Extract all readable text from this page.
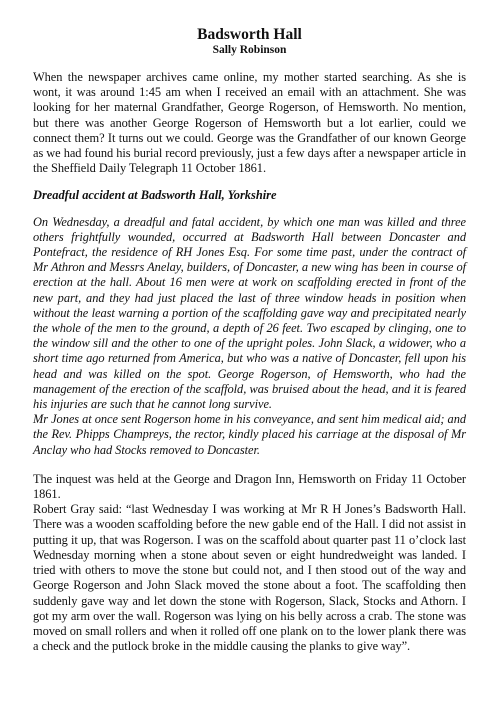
Badsworth Hall
Sally Robinson

When the newspaper archives came online, my mother started searching. As she is wont, it was around 1:45 am when I received an email with an attachment. She was looking for her maternal Grandfather, George Rogerson, of Hemsworth. No mention, but there was another George Rogerson of Hemsworth but a lot earlier, could we connect them? It turns out we could. George was the Grandfather of our known George as we had found his burial record previously, just a few days after a newspaper article in the Sheffield Daily Telegraph 11 October 1861.

Dreadful accident at Badsworth Hall, Yorkshire

On Wednesday, a dreadful and fatal accident, by which one man was killed and three others frightfully wounded, occurred at Badsworth Hall between Doncaster and Pontefract, the residence of RH Jones Esq. For some time past, under the contract of Mr Athron and Messrs Anelay, builders, of Doncaster, a new wing has been in course of erection at the hall. About 16 men were at work on scaffolding erected in front of the new part, and they had just placed the last of three window heads in position when without the least warning a portion of the scaffolding gave way and precipitated nearly the whole of the men to the ground, a depth of 26 feet. Two escaped by clinging, one to the window sill and the other to one of the upright poles. John Slack, a widower, who a short time ago returned from America, but who was a native of Doncaster, fell upon his head and was killed on the spot. George Rogerson, of Hemsworth, who had the management of the erection of the scaffold, was bruised about the head, and it is feared his injuries are such that he cannot long survive.

Mr Jones at once sent Rogerson home in his conveyance, and sent him medical aid; and the Rev. Phipps Champreys, the rector, kindly placed his carriage at the disposal of Mr Anclay who had Stocks removed to Doncaster.

The inquest was held at the George and Dragon Inn, Hemsworth on Friday 11 October 1861.

Robert Gray said: “last Wednesday I was working at Mr R H Jones’s Badsworth Hall. There was a wooden scaffolding before the new gable end of the Hall. I did not assist in putting it up, that was Rogerson. I was on the scaffold about quarter past 11 o’clock last Wednesday morning when a stone about seven or eight hundredweight was landed. I tried with others to move the stone but could not, and I then stood out of the way and George Rogerson and John Slack moved the stone about a foot. The scaffolding then suddenly gave way and let down the stone with Rogerson, Slack, Stocks and Athorn. I got my arm over the wall. Rogerson was lying on his belly across a crab. The stone was moved on small rollers and when it rolled off one plank on to the lower plank there was a check and the putlock broke in the middle causing the planks to give way”.
